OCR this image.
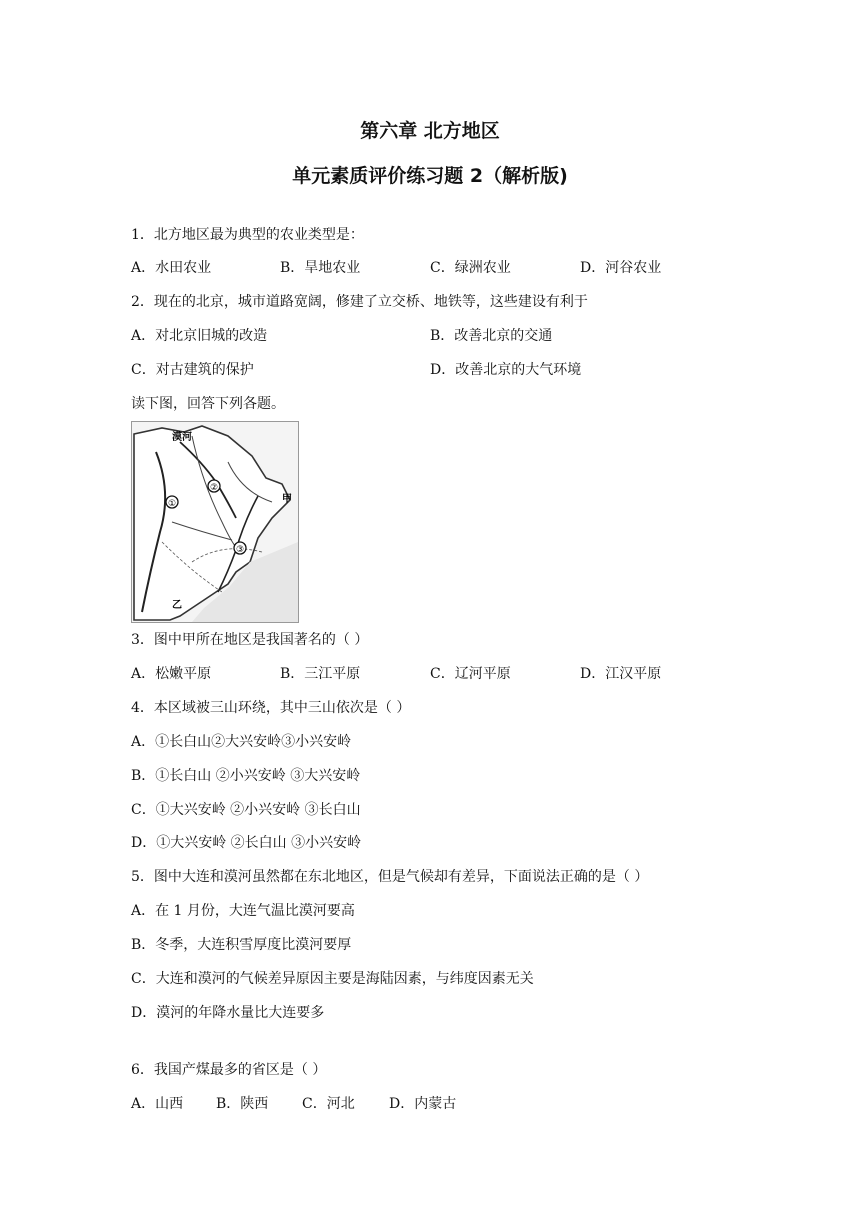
第六章 北方地区
单元素质评价练习题 2（解析版)
1．北方地区最为典型的农业类型是：
A．水田农业	B．旱地农业	C．绿洲农业	D．河谷农业
2．现在的北京，城市道路宽阔，修建了立交桥、地铁等，这些建设有利于
A．对北京旧城的改造	B．改善北京的交通
C．对古建筑的保护	D．改善北京的大气环境
读下图，回答下列各题。
漠河
①
②
③
甲
乙
3．图中甲所在地区是我国著名的（ ）
A．松嫩平原	B．三江平原	C．辽河平原	D．江汉平原
4．本区域被三山环绕，其中三山依次是（ ）
A．①长白山②大兴安岭③小兴安岭
B．①长白山 ②小兴安岭 ③大兴安岭
C．①大兴安岭 ②小兴安岭 ③长白山
D．①大兴安岭 ②长白山 ③小兴安岭
5．图中大连和漠河虽然都在东北地区，但是气候却有差异，下面说法正确的是（ ）
A．在 1 月份，大连气温比漠河要高
B．冬季，大连积雪厚度比漠河要厚
C．大连和漠河的气候差异原因主要是海陆因素，与纬度因素无关
D．漠河的年降水量比大连要多
6．我国产煤最多的省区是（ ）
A．山西 B．陕西 C．河北 D．内蒙古
